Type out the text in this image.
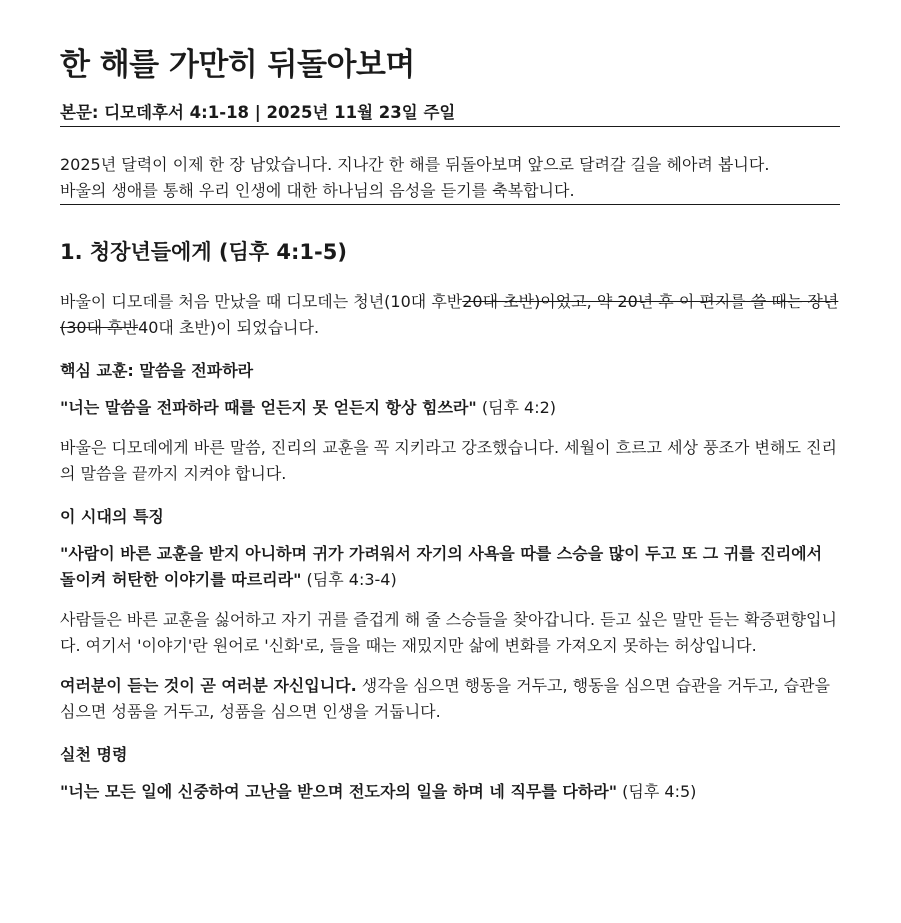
한 해를 가만히 뒤돌아보며
본문: 디모데후서 4:1-18 | 2025년 11월 23일 주일

2025년 달력이 이제 한 장 남았습니다. 지나간 한 해를 뒤돌아보며 앞으로 달려갈 길을 헤아려 봅니다.
바울의 생애를 통해 우리 인생에 대한 하나님의 음성을 듣기를 축복합니다.

1. 청장년들에게 (딤후 4:1-5)

바울이 디모데를 처음 만났을 때 디모데는 청년(10대 후반20대 초반)이었고, 약 20년 후 이 편지를 쓸 때는 장년(30대 후반40대 초반)이 되었습니다.

핵심 교훈: 말씀을 전파하라

"너는 말씀을 전파하라 때를 얻든지 못 얻든지 항상 힘쓰라" (딤후 4:2)

바울은 디모데에게 바른 말씀, 진리의 교훈을 꼭 지키라고 강조했습니다. 세월이 흐르고 세상 풍조가 변해도 진리의 말씀을 끝까지 지켜야 합니다.

이 시대의 특징

"사람이 바른 교훈을 받지 아니하며 귀가 가려워서 자기의 사욕을 따를 스승을 많이 두고 또 그 귀를 진리에서 돌이켜 허탄한 이야기를 따르리라" (딤후 4:3-4)

사람들은 바른 교훈을 싫어하고 자기 귀를 즐겁게 해 줄 스승들을 찾아갑니다. 듣고 싶은 말만 듣는 확증편향입니다. 여기서 '이야기'란 원어로 '신화'로, 들을 때는 재밌지만 삶에 변화를 가져오지 못하는 허상입니다.

여러분이 듣는 것이 곧 여러분 자신입니다. 생각을 심으면 행동을 거두고, 행동을 심으면 습관을 거두고, 습관을 심으면 성품을 거두고, 성품을 심으면 인생을 거둡니다.

실천 명령

"너는 모든 일에 신중하여 고난을 받으며 전도자의 일을 하며 네 직무를 다하라" (딤후 4:5)
